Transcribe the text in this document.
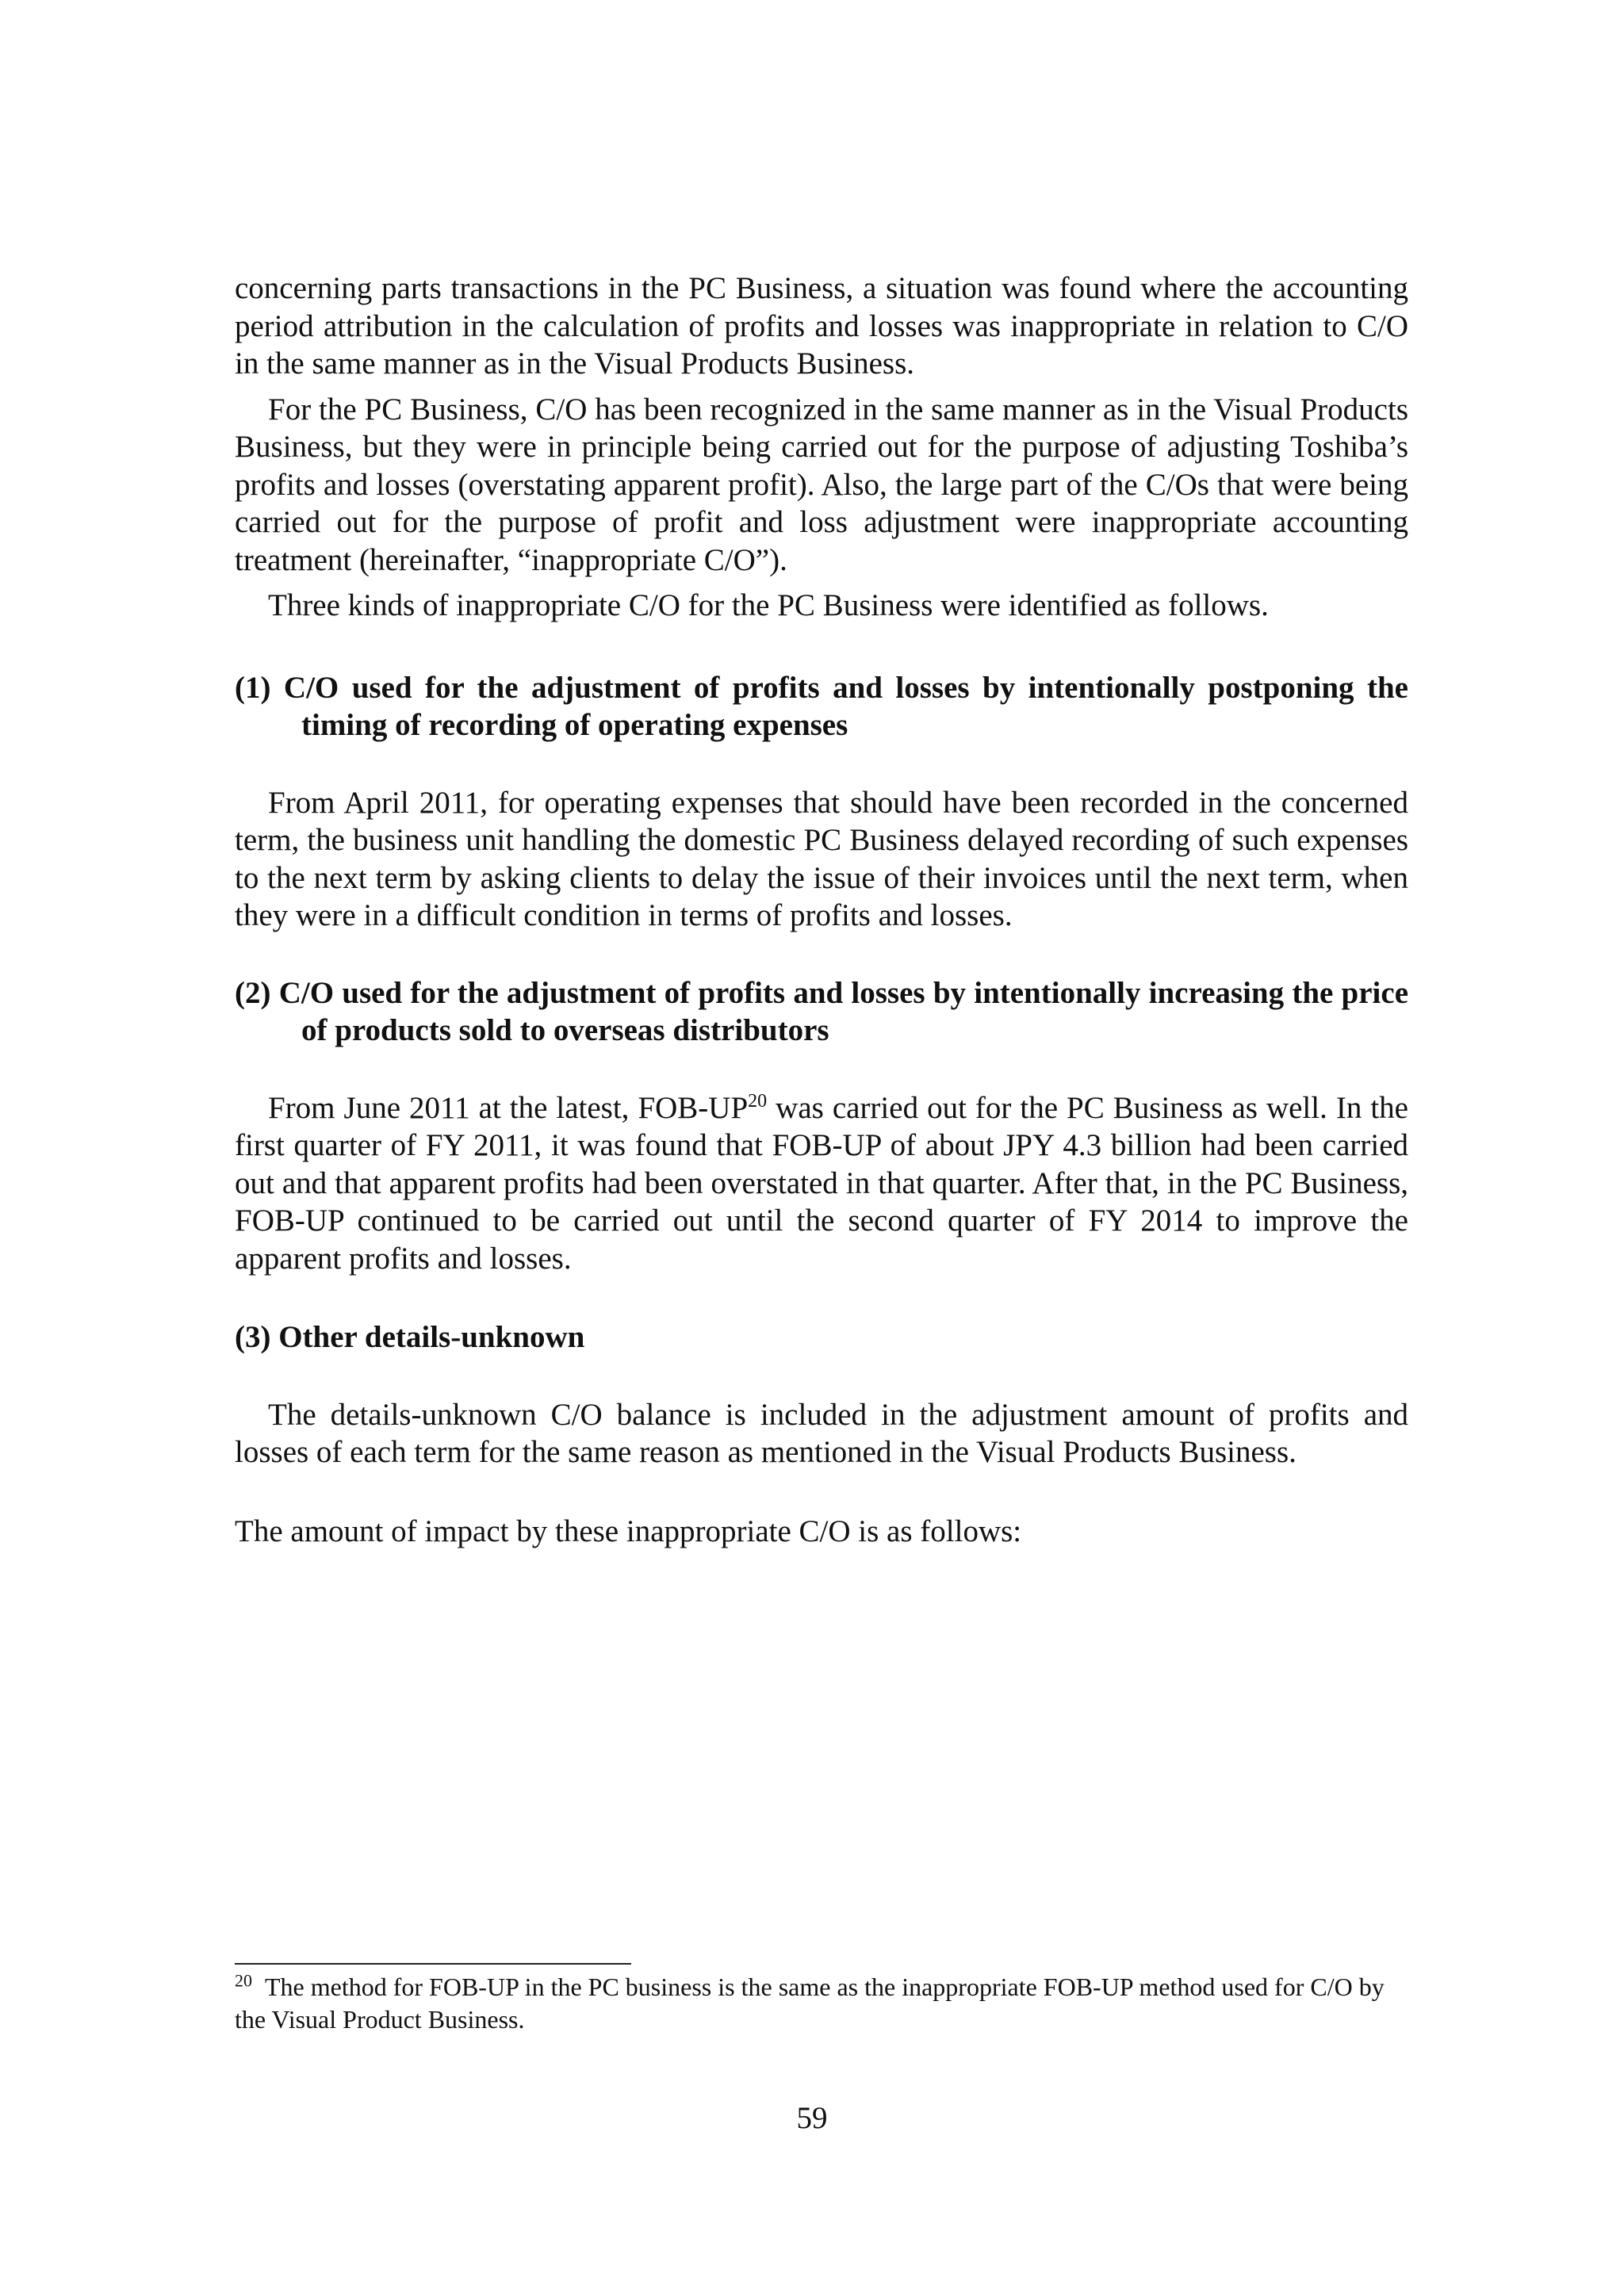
concerning parts transactions in the PC Business, a situation was found where the accounting period attribution in the calculation of profits and losses was inappropriate in relation to C/O in the same manner as in the Visual Products Business.

For the PC Business, C/O has been recognized in the same manner as in the Visual Products Business, but they were in principle being carried out for the purpose of adjusting Toshiba’s profits and losses (overstating apparent profit). Also, the large part of the C/Os that were being carried out for the purpose of profit and loss adjustment were inappropriate accounting treatment (hereinafter, “inappropriate C/O”).

Three kinds of inappropriate C/O for the PC Business were identified as follows.

(1) C/O used for the adjustment of profits and losses by intentionally postponing the timing of recording of operating expenses

From April 2011, for operating expenses that should have been recorded in the concerned term, the business unit handling the domestic PC Business delayed recording of such expenses to the next term by asking clients to delay the issue of their invoices until the next term, when they were in a difficult condition in terms of profits and losses.

(2) C/O used for the adjustment of profits and losses by intentionally increasing the price of products sold to overseas distributors

From June 2011 at the latest, FOB-UP$^{20}$ was carried out for the PC Business as well. In the first quarter of FY 2011, it was found that FOB-UP of about JPY 4.3 billion had been carried out and that apparent profits had been overstated in that quarter. After that, in the PC Business, FOB-UP continued to be carried out until the second quarter of FY 2014 to improve the apparent profits and losses.

(3) Other details-unknown

The details-unknown C/O balance is included in the adjustment amount of profits and losses of each term for the same reason as mentioned in the Visual Products Business.

The amount of impact by these inappropriate C/O is as follows:

$^{20}$ The method for FOB-UP in the PC business is the same as the inappropriate FOB-UP method used for C/O by the Visual Product Business.
59
